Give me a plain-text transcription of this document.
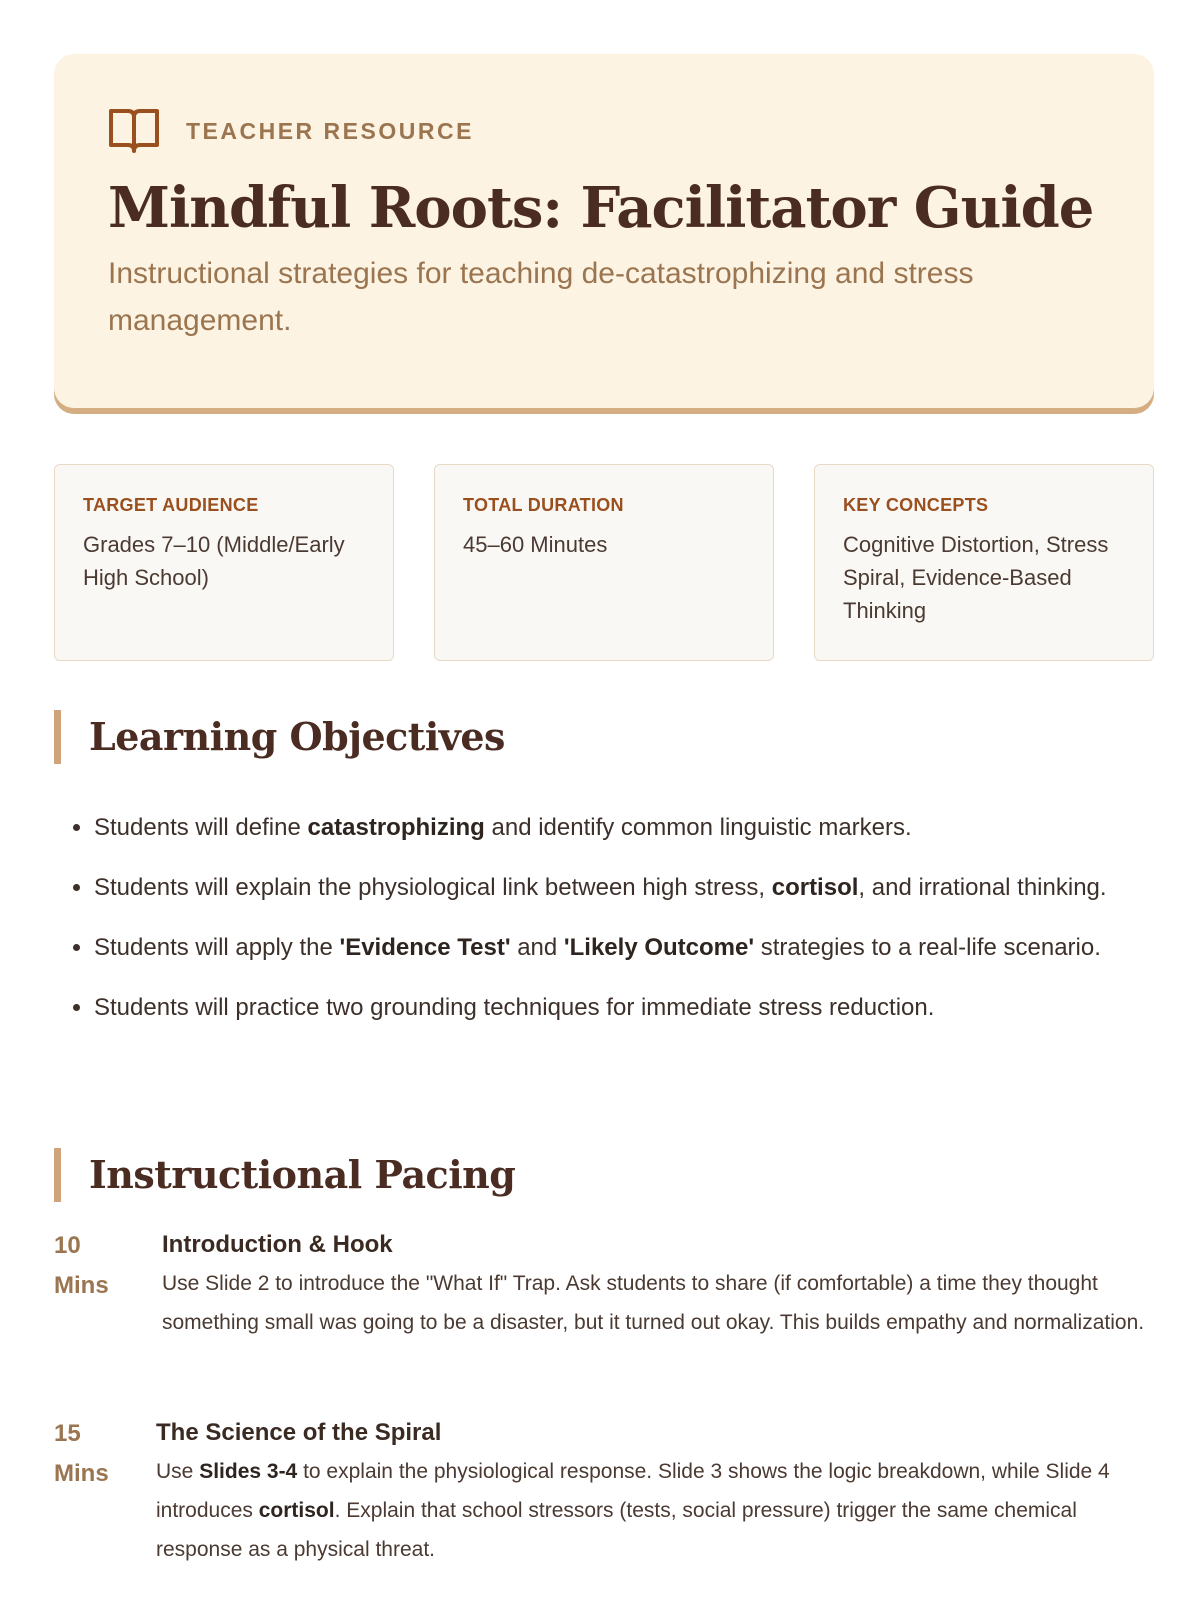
TEACHER RESOURCE
Mindful Roots: Facilitator Guide

Instructional strategies for teaching de-catastrophizing and stress management.

TARGET AUDIENCE
Grades 7–10 (Middle/Early High School)
TOTAL DURATION
45–60 Minutes
KEY CONCEPTS
Cognitive Distortion, Stress Spiral, Evidence-Based Thinking
Learning Objectives
• Students will define catastrophizing and identify common linguistic markers.
• Students will explain the physiological link between high stress, cortisol, and irrational thinking.
• Students will apply the 'Evidence Test' and 'Likely Outcome' strategies to a real-life scenario.
• Students will practice two grounding techniques for immediate stress reduction.
Instructional Pacing
10
Mins
Introduction & Hook
Use Slide 2 to introduce the "What If" Trap. Ask students to share (if comfortable) a time they thought something small was going to be a disaster, but it turned out okay. This builds empathy and normalization.
15
Mins
The Science of the Spiral
Use Slides 3-4 to explain the physiological response. Slide 3 shows the logic breakdown, while Slide 4 introduces cortisol. Explain that school stressors (tests, social pressure) trigger the same chemical response as a physical threat.
